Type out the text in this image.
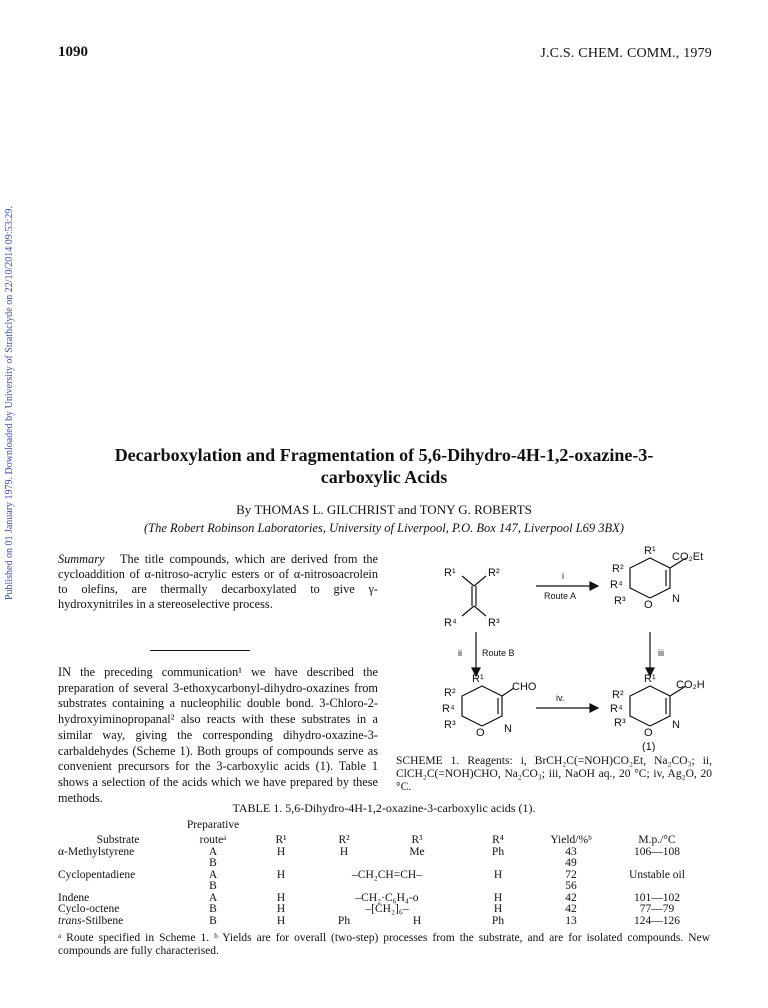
1090	J.C.S. CHEM. COMM., 1979
Published on 01 January 1979. Downloaded by University of Strathclyde on 22/10/2014 09:53:29.	Decarboxylation and Fragmentation of 5,6-Dihydro-4H-1,2-oxazine-3-
carboxylic Acids
By THOMAS L. GILCHRIST and TONY G. ROBERTS
(The Robert Robinson Laboratories, University of Liverpool, P.O. Box 147, Liverpool L69 3BX)
Summary The title compounds, which are derived from the cycloaddition of α-nitroso-acrylic esters or of α-nitrosoacrolein to olefins, are thermally decarboxylated to give γ-hydroxynitriles in a stereoselective process.
IN the preceding communication¹ we have described the preparation of several 3-ethoxycarbonyl-dihydro-oxazines from substrates containing a nucleophilic double bond. 3-Chloro-2-hydroxyiminopropanal² also reacts with these substrates in a similar way, giving the corresponding dihydro-oxazine-3-carbaldehydes (Scheme 1). Both groups of compounds serve as convenient precursors for the 3-carboxylic acids (1). Table 1 shows a selection of the acids which we have prepared by these methods.
R¹	R²
R⁴	R³
i
Route A
R¹
R²
R⁴
R³
CO₂Et
O N
ii Route B	iii
R¹
R²
R⁴
R³
CHO
O N
iv.
R¹
R²
R⁴
R³
CO₂H
O
N
(1)
SCHEME 1. Reagents: i, BrCH₂C(=NOH)CO₂Et, Na₂CO₃; ii, ClCH₂C(=NOH)CHO, Na₂CO₃; iii, NaOH aq., 20 °C; iv, Ag₂O, 20 °C.
TABLE 1. 5,6-Dihydro-4H-1,2-oxazine-3-carboxylic acids (1).
	Preparative						
Substrate	routeᵃ	R¹	R²	R³	R⁴	Yield/%ᵇ	M.p./°C
α-Methylstyrene	A	H	H	Me	Ph	43	106—108
	B					49	
Cyclopentadiene	A	H	–CH₂CH=CH–		H	72	Unstable oil
	B					56	
Indene	A	H	–CH₂·C₆H₄-o		H	42	101—102
Cyclo-octene	B	H	–[CH₂]₆–		H	42	77—79
trans-Stilbene	B	H	Ph	H	Ph	13	124—126
ᵃ Route specified in Scheme 1. ᵇ Yields are for overall (two-step) processes from the substrate, and are for isolated compounds. New compounds are fully characterised.
